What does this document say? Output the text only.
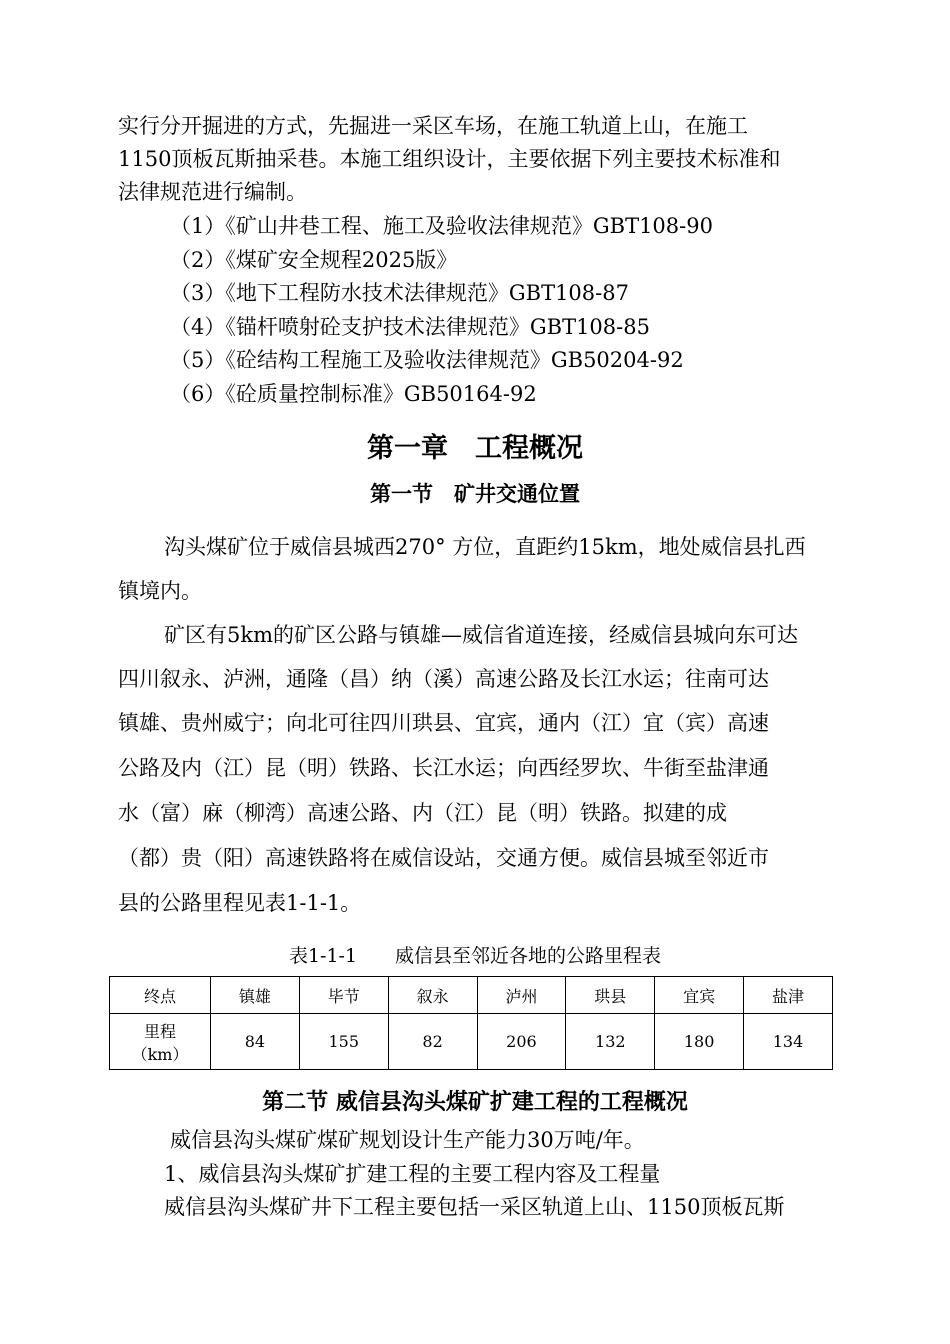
实行分开掘进的方式，先掘进一采区车场，在施工轨道上山，在施工
1150顶板瓦斯抽采巷。本施工组织设计，主要依据下列主要技术标准和
法律规范进行编制。
（1）《矿山井巷工程、施工及验收法律规范》GBT108-90
（2）《煤矿安全规程2025版》
（3）《地下工程防水技术法律规范》GBT108-87
（4）《锚杆喷射砼支护技术法律规范》GBT108-85
（5）《砼结构工程施工及验收法律规范》GB50204-92
（6）《砼质量控制标准》GB50164-92
第一章　工程概况
第一节　矿井交通位置
沟头煤矿位于威信县城西270° 方位，直距约15km，地处威信县扎西
镇境内。
矿区有5km的矿区公路与镇雄—威信省道连接，经威信县城向东可达
四川叙永、泸洲，通隆（昌）纳（溪）高速公路及长江水运；往南可达
镇雄、贵州威宁；向北可往四川珙县、宜宾，通内（江）宜（宾）高速
公路及内（江）昆（明）铁路、长江水运；向西经罗坎、牛街至盐津通
水（富）麻（柳湾）高速公路、内（江）昆（明）铁路。拟建的成
（都）贵（阳）高速铁路将在威信设站，交通方便。威信县城至邻近市
县的公路里程见表1-1-1。
表1-1-1　　威信县至邻近各地的公路里程表
终点	镇雄	毕节	叙永	泸州	珙县	宜宾	盐津

里程
（km）	84	155	82	206	132	180	134
第二节 威信县沟头煤矿扩建工程的工程概况
威信县沟头煤矿煤矿规划设计生产能力30万吨/年。
1、威信县沟头煤矿扩建工程的主要工程内容及工程量
威信县沟头煤矿井下工程主要包括一采区轨道上山、1150顶板瓦斯
